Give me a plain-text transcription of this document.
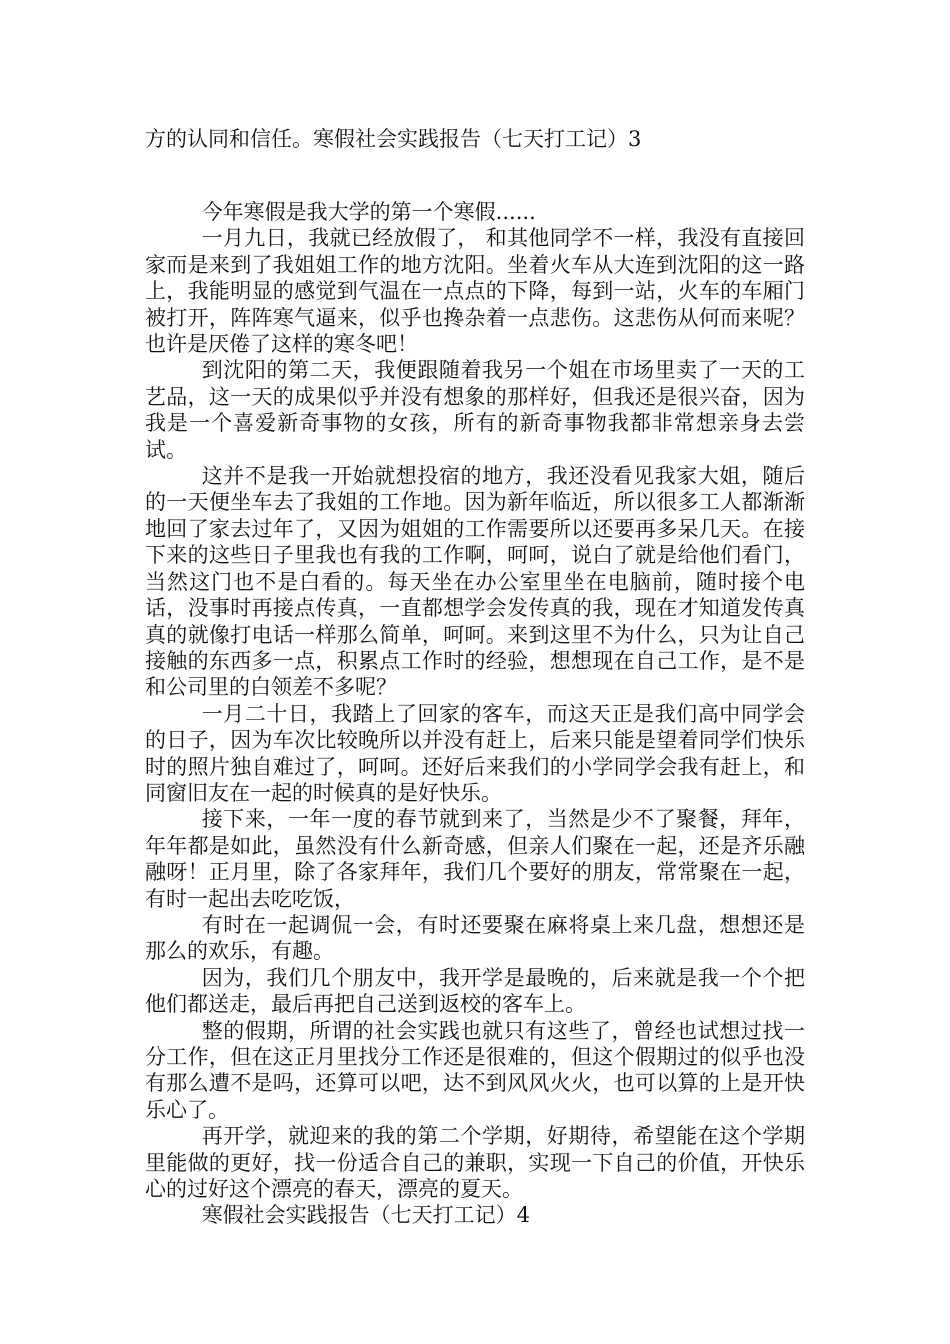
方的认同和信任。寒假社会实践报告（七天打工记）3

今年寒假是我大学的第一个寒假......

一月九日，我就已经放假了， 和其他同学不一样，我没有直接回家而是来到了我姐姐工作的地方沈阳。坐着火车从大连到沈阳的这一路上，我能明显的感觉到气温在一点点的下降，每到一站，火车的车厢门被打开，阵阵寒气逼来，似乎也搀杂着一点悲伤。这悲伤从何而来呢？也许是厌倦了这样的寒冬吧！

到沈阳的第二天，我便跟随着我另一个姐在市场里卖了一天的工艺品，这一天的成果似乎并没有想象的那样好，但我还是很兴奋，因为我是一个喜爱新奇事物的女孩，所有的新奇事物我都非常想亲身去尝试。

这并不是我一开始就想投宿的地方，我还没看见我家大姐，随后的一天便坐车去了我姐的工作地。因为新年临近，所以很多工人都渐渐地回了家去过年了，又因为姐姐的工作需要所以还要再多呆几天。在接下来的这些日子里我也有我的工作啊，呵呵，说白了就是给他们看门，当然这门也不是白看的。每天坐在办公室里坐在电脑前，随时接个电话，没事时再接点传真，一直都想学会发传真的我，现在才知道发传真真的就像打电话一样那么简单，呵呵。来到这里不为什么，只为让自己接触的东西多一点，积累点工作时的经验，想想现在自己工作，是不是和公司里的白领差不多呢？

一月二十日，我踏上了回家的客车，而这天正是我们高中同学会的日子，因为车次比较晚所以并没有赶上，后来只能是望着同学们快乐时的照片独自难过了，呵呵。还好后来我们的小学同学会我有赶上，和同窗旧友在一起的时候真的是好快乐。

接下来，一年一度的春节就到来了，当然是少不了聚餐，拜年，年年都是如此，虽然没有什么新奇感，但亲人们聚在一起，还是齐乐融融呀！正月里，除了各家拜年，我们几个要好的朋友，常常聚在一起，有时一起出去吃吃饭，

有时在一起调侃一会，有时还要聚在麻将桌上来几盘，想想还是那么的欢乐，有趣。

因为，我们几个朋友中，我开学是最晚的，后来就是我一个个把他们都送走，最后再把自己送到返校的客车上。

整的假期，所谓的社会实践也就只有这些了，曾经也试想过找一分工作，但在这正月里找分工作还是很难的，但这个假期过的似乎也没有那么遭不是吗，还算可以吧，达不到风风火火，也可以算的上是开快乐心了。

再开学，就迎来的我的第二个学期，好期待，希望能在这个学期里能做的更好，找一份适合自己的兼职，实现一下自己的价值，开快乐心的过好这个漂亮的春天，漂亮的夏天。

寒假社会实践报告（七天打工记）4
